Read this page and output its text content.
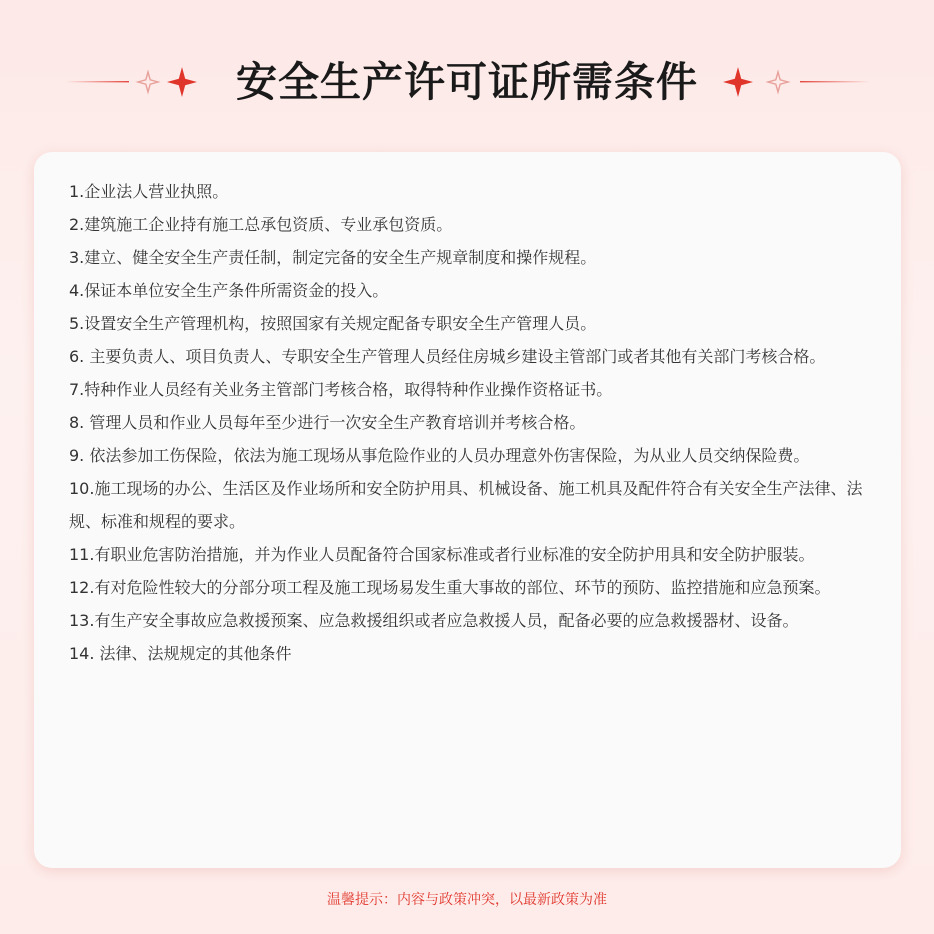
安全生产许可证所需条件
1.企业法人营业执照。
2.建筑施工企业持有施工总承包资质、专业承包资质。
3.建立、健全安全生产责任制，制定完备的安全生产规章制度和操作规程。
4.保证本单位安全生产条件所需资金的投入。
5.设置安全生产管理机构，按照国家有关规定配备专职安全生产管理人员。
6. 主要负责人、项目负责人、专职安全生产管理人员经住房城乡建设主管部门或者其他有关部门考核合格。
7.特种作业人员经有关业务主管部门考核合格，取得特种作业操作资格证书。
8. 管理人员和作业人员每年至少进行一次安全生产教育培训并考核合格。
9. 依法参加工伤保险，依法为施工现场从事危险作业的人员办理意外伤害保险，为从业人员交纳保险费。
10.施工现场的办公、生活区及作业场所和安全防护用具、机械设备、施工机具及配件符合有关安全生产法律、法规、标准和规程的要求。
11.有职业危害防治措施，并为作业人员配备符合国家标准或者行业标准的安全防护用具和安全防护服装。
12.有对危险性较大的分部分项工程及施工现场易发生重大事故的部位、环节的预防、监控措施和应急预案。
13.有生产安全事故应急救援预案、应急救援组织或者应急救援人员，配备必要的应急救援器材、设备。
14. 法律、法规规定的其他条件
温馨提示：内容与政策冲突，以最新政策为准
